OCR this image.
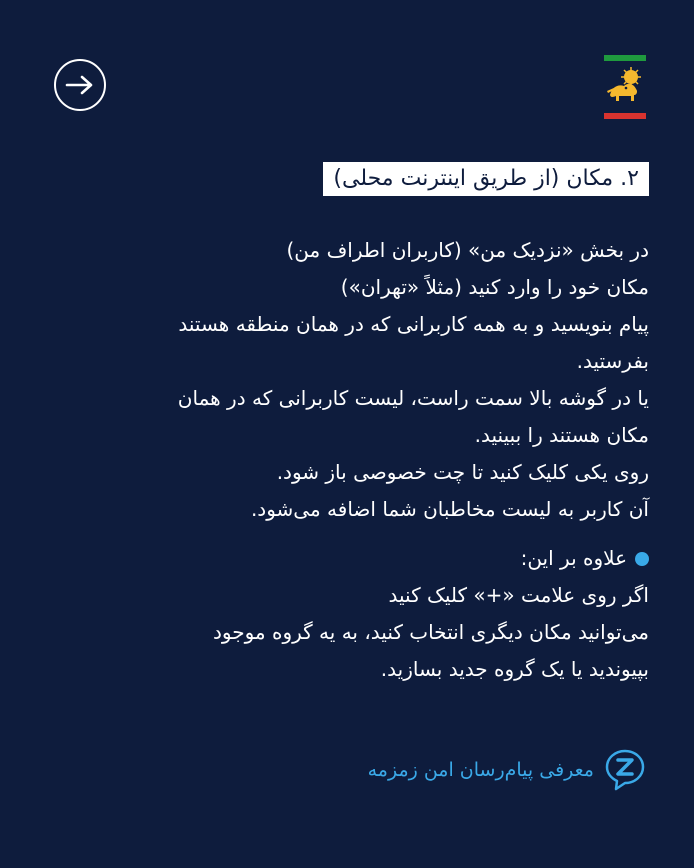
۲. مکان (از طریق اینترنت محلی)

در بخش «نزدیک من» (کاربران اطراف من)

مکان خود را وارد کنید (مثلاً «تهران»)

پیام بنویسید و به همه کاربرانی که در همان منطقه هستند

بفرستید.

یا در گوشه بالا سمت راست، لیست کاربرانی که در همان

مکان هستند را ببینید.

روی یکی کلیک کنید تا چت خصوصی باز شود.

آن کاربر به لیست مخاطبان شما اضافه می‌شود.

علاوه بر این:

اگر روی علامت «+» کلیک کنید

می‌توانید مکان دیگری انتخاب کنید، به یه گروه موجود

بپیوندید یا یک گروه جدید بسازید.

معرفی پیام‌رسان امن زمزمه
